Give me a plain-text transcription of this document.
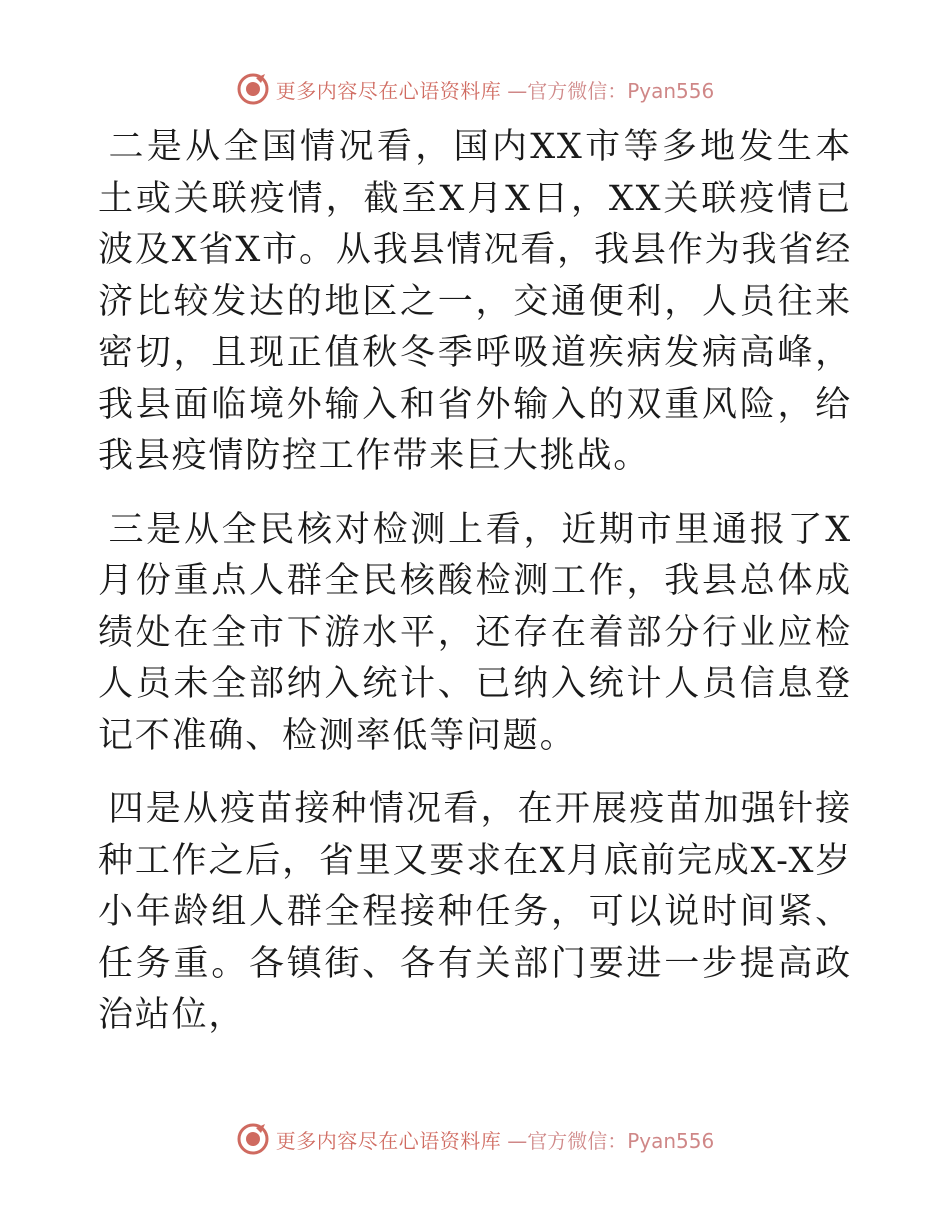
更多内容尽在心语资料库 —官方微信：Pyan556

二是从全国情况看，国内XX市等多地发生本土或关联疫情，截至X月X日，XX关联疫情已波及X省X市。从我县情况看，我县作为我省经济比较发达的地区之一，交通便利，人员往来密切，且现正值秋冬季呼吸道疾病发病高峰，我县面临境外输入和省外输入的双重风险，给我县疫情防控工作带来巨大挑战。

三是从全民核对检测上看，近期市里通报了X月份重点人群全民核酸检测工作，我县总体成绩处在全市下游水平，还存在着部分行业应检人员未全部纳入统计、已纳入统计人员信息登记不准确、检测率低等问题。

四是从疫苗接种情况看，在开展疫苗加强针接种工作之后，省里又要求在X月底前完成X-X岁小年龄组人群全程接种任务，可以说时间紧、任务重。各镇街、各有关部门要进一步提高政治站位，

更多内容尽在心语资料库 —官方微信：Pyan556
